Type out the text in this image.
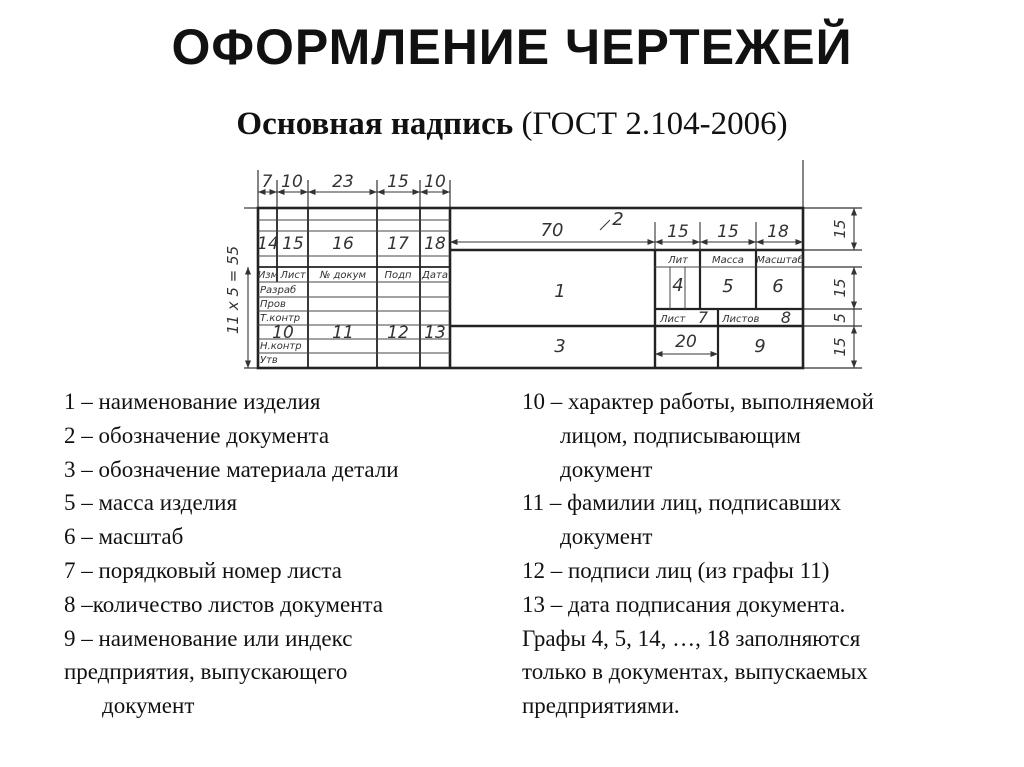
ОФОРМЛЕНИЕ ЧЕРТЕЖЕЙ
Основная надпись (ГОСТ 2.104-2006)
7 10 23 15 10
14 15 16 17 18
Изм Лист № докум Подп Дата
Разраб
Пров
Т.контр
Н.контр
Утв
10 11 12 13
2
70
1
3
15 15 18
Лит Масса Масштаб
4 5 6
Лист 7 Листов 8
20	9
15
15
5
15
11 x 5 = 55
1 – наименование изделия
2 – обозначение документа
3 – обозначение материала детали
5 – масса изделия
6 – масштаб
7 – порядковый номер листа
8 –количество листов документа
9 – наименование или индекс
предприятия, выпускающего
документ
10 – характер работы, выполняемой
лицом, подписывающим
документ
11 – фамилии лиц, подписавших
документ
12 – подписи лиц (из графы 11)
13 – дата подписания документа.
Графы 4, 5, 14, …, 18 заполняются
только в документах, выпускаемых
предприятиями.
